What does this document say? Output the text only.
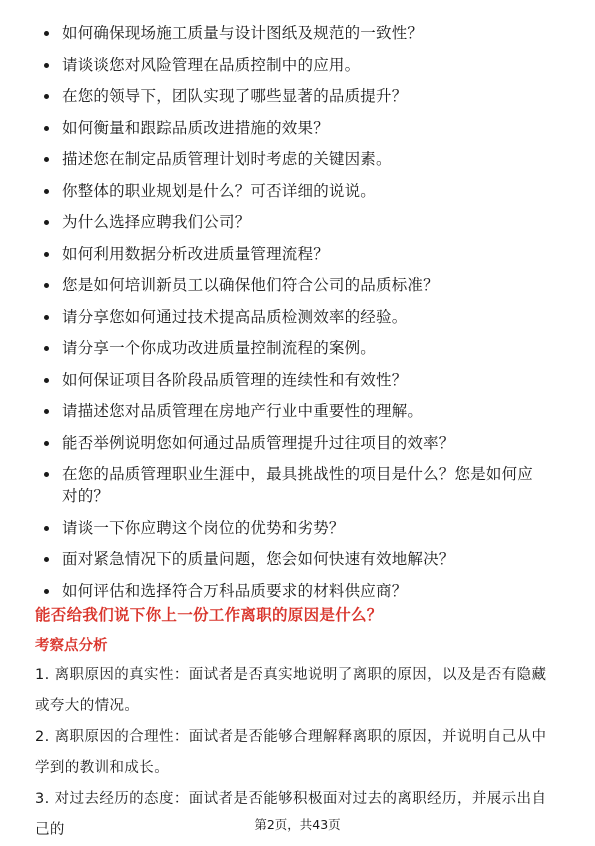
如何确保现场施工质量与设计图纸及规范的一致性？
请谈谈您对风险管理在品质控制中的应用。
在您的领导下，团队实现了哪些显著的品质提升？
如何衡量和跟踪品质改进措施的效果？
描述您在制定品质管理计划时考虑的关键因素。
你整体的职业规划是什么？可否详细的说说。
为什么选择应聘我们公司？
如何利用数据分析改进质量管理流程？
您是如何培训新员工以确保他们符合公司的品质标准？
请分享您如何通过技术提高品质检测效率的经验。
请分享一个你成功改进质量控制流程的案例。
如何保证项目各阶段品质管理的连续性和有效性？
请描述您对品质管理在房地产行业中重要性的理解。
能否举例说明您如何通过品质管理提升过往项目的效率？
在您的品质管理职业生涯中，最具挑战性的项目是什么？您是如何应对的？
请谈一下你应聘这个岗位的优势和劣势？
面对紧急情况下的质量问题，您会如何快速有效地解决？
如何评估和选择符合万科品质要求的材料供应商？
能否给我们说下你上一份工作离职的原因是什么？
考察点分析
1. 离职原因的真实性：面试者是否真实地说明了离职的原因，以及是否有隐藏或夸大的情况。
2. 离职原因的合理性：面试者是否能够合理解释离职的原因，并说明自己从中学到的教训和成长。
3. 对过去经历的态度：面试者是否能够积极面对过去的离职经历，并展示出自己的	第2页，共43页
